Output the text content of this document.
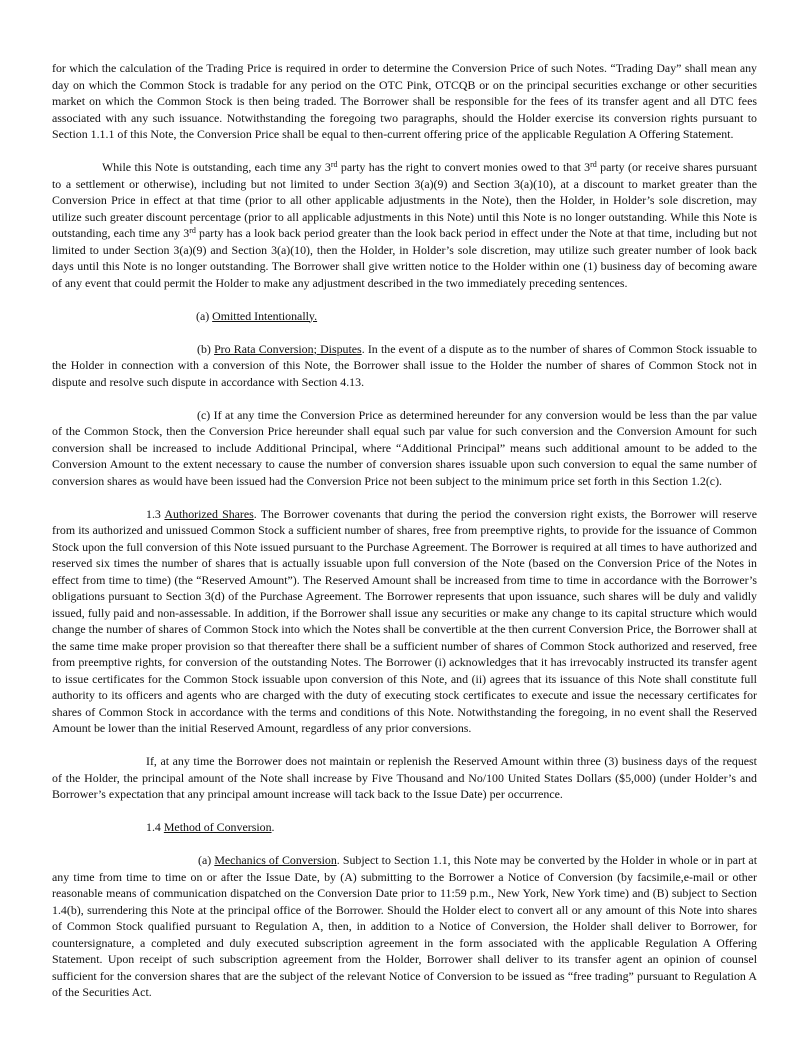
for which the calculation of the Trading Price is required in order to determine the Conversion Price of such Notes. “Trading Day” shall mean any day on which the Common Stock is tradable for any period on the OTC Pink, OTCQB or on the principal securities exchange or other securities market on which the Common Stock is then being traded. The Borrower shall be responsible for the fees of its transfer agent and all DTC fees associated with any such issuance. Notwithstanding the foregoing two paragraphs, should the Holder exercise its conversion rights pursuant to Section 1.1.1 of this Note, the Conversion Price shall be equal to then-current offering price of the applicable Regulation A Offering Statement.

While this Note is outstanding, each time any 3rd party has the right to convert monies owed to that 3rd party (or receive shares pursuant to a settlement or otherwise), including but not limited to under Section 3(a)(9) and Section 3(a)(10), at a discount to market greater than the Conversion Price in effect at that time (prior to all other applicable adjustments in the Note), then the Holder, in Holder’s sole discretion, may utilize such greater discount percentage (prior to all applicable adjustments in this Note) until this Note is no longer outstanding. While this Note is outstanding, each time any 3rd party has a look back period greater than the look back period in effect under the Note at that time, including but not limited to under Section 3(a)(9) and Section 3(a)(10), then the Holder, in Holder’s sole discretion, may utilize such greater number of look back days until this Note is no longer outstanding. The Borrower shall give written notice to the Holder within one (1) business day of becoming aware of any event that could permit the Holder to make any adjustment described in the two immediately preceding sentences.

(a) Omitted Intentionally.

(b) Pro Rata Conversion; Disputes. In the event of a dispute as to the number of shares of Common Stock issuable to the Holder in connection with a conversion of this Note, the Borrower shall issue to the Holder the number of shares of Common Stock not in dispute and resolve such dispute in accordance with Section 4.13.

(c) If at any time the Conversion Price as determined hereunder for any conversion would be less than the par value of the Common Stock, then the Conversion Price hereunder shall equal such par value for such conversion and the Conversion Amount for such conversion shall be increased to include Additional Principal, where “Additional Principal” means such additional amount to be added to the Conversion Amount to the extent necessary to cause the number of conversion shares issuable upon such conversion to equal the same number of conversion shares as would have been issued had the Conversion Price not been subject to the minimum price set forth in this Section 1.2(c).

1.3 Authorized Shares. The Borrower covenants that during the period the conversion right exists, the Borrower will reserve from its authorized and unissued Common Stock a sufficient number of shares, free from preemptive rights, to provide for the issuance of Common Stock upon the full conversion of this Note issued pursuant to the Purchase Agreement. The Borrower is required at all times to have authorized and reserved six times the number of shares that is actually issuable upon full conversion of the Note (based on the Conversion Price of the Notes in effect from time to time) (the “Reserved Amount”). The Reserved Amount shall be increased from time to time in accordance with the Borrower’s obligations pursuant to Section 3(d) of the Purchase Agreement. The Borrower represents that upon issuance, such shares will be duly and validly issued, fully paid and non-assessable. In addition, if the Borrower shall issue any securities or make any change to its capital structure which would change the number of shares of Common Stock into which the Notes shall be convertible at the then current Conversion Price, the Borrower shall at the same time make proper provision so that thereafter there shall be a sufficient number of shares of Common Stock authorized and reserved, free from preemptive rights, for conversion of the outstanding Notes. The Borrower (i) acknowledges that it has irrevocably instructed its transfer agent to issue certificates for the Common Stock issuable upon conversion of this Note, and (ii) agrees that its issuance of this Note shall constitute full authority to its officers and agents who are charged with the duty of executing stock certificates to execute and issue the necessary certificates for shares of Common Stock in accordance with the terms and conditions of this Note. Notwithstanding the foregoing, in no event shall the Reserved Amount be lower than the initial Reserved Amount, regardless of any prior conversions.

If, at any time the Borrower does not maintain or replenish the Reserved Amount within three (3) business days of the request of the Holder, the principal amount of the Note shall increase by Five Thousand and No/100 United States Dollars ($5,000) (under Holder’s and Borrower’s expectation that any principal amount increase will tack back to the Issue Date) per occurrence.

1.4 Method of Conversion.

(a) Mechanics of Conversion. Subject to Section 1.1, this Note may be converted by the Holder in whole or in part at any time from time to time on or after the Issue Date, by (A) submitting to the Borrower a Notice of Conversion (by facsimile,e-mail or other reasonable means of communication dispatched on the Conversion Date prior to 11:59 p.m., New York, New York time) and (B) subject to Section 1.4(b), surrendering this Note at the principal office of the Borrower. Should the Holder elect to convert all or any amount of this Note into shares of Common Stock qualified pursuant to Regulation A, then, in addition to a Notice of Conversion, the Holder shall deliver to Borrower, for countersignature, a completed and duly executed subscription agreement in the form associated with the applicable Regulation A Offering Statement. Upon receipt of such subscription agreement from the Holder, Borrower shall deliver to its transfer agent an opinion of counsel sufficient for the conversion shares that are the subject of the relevant Notice of Conversion to be issued as “free trading” pursuant to Regulation A of the Securities Act.
